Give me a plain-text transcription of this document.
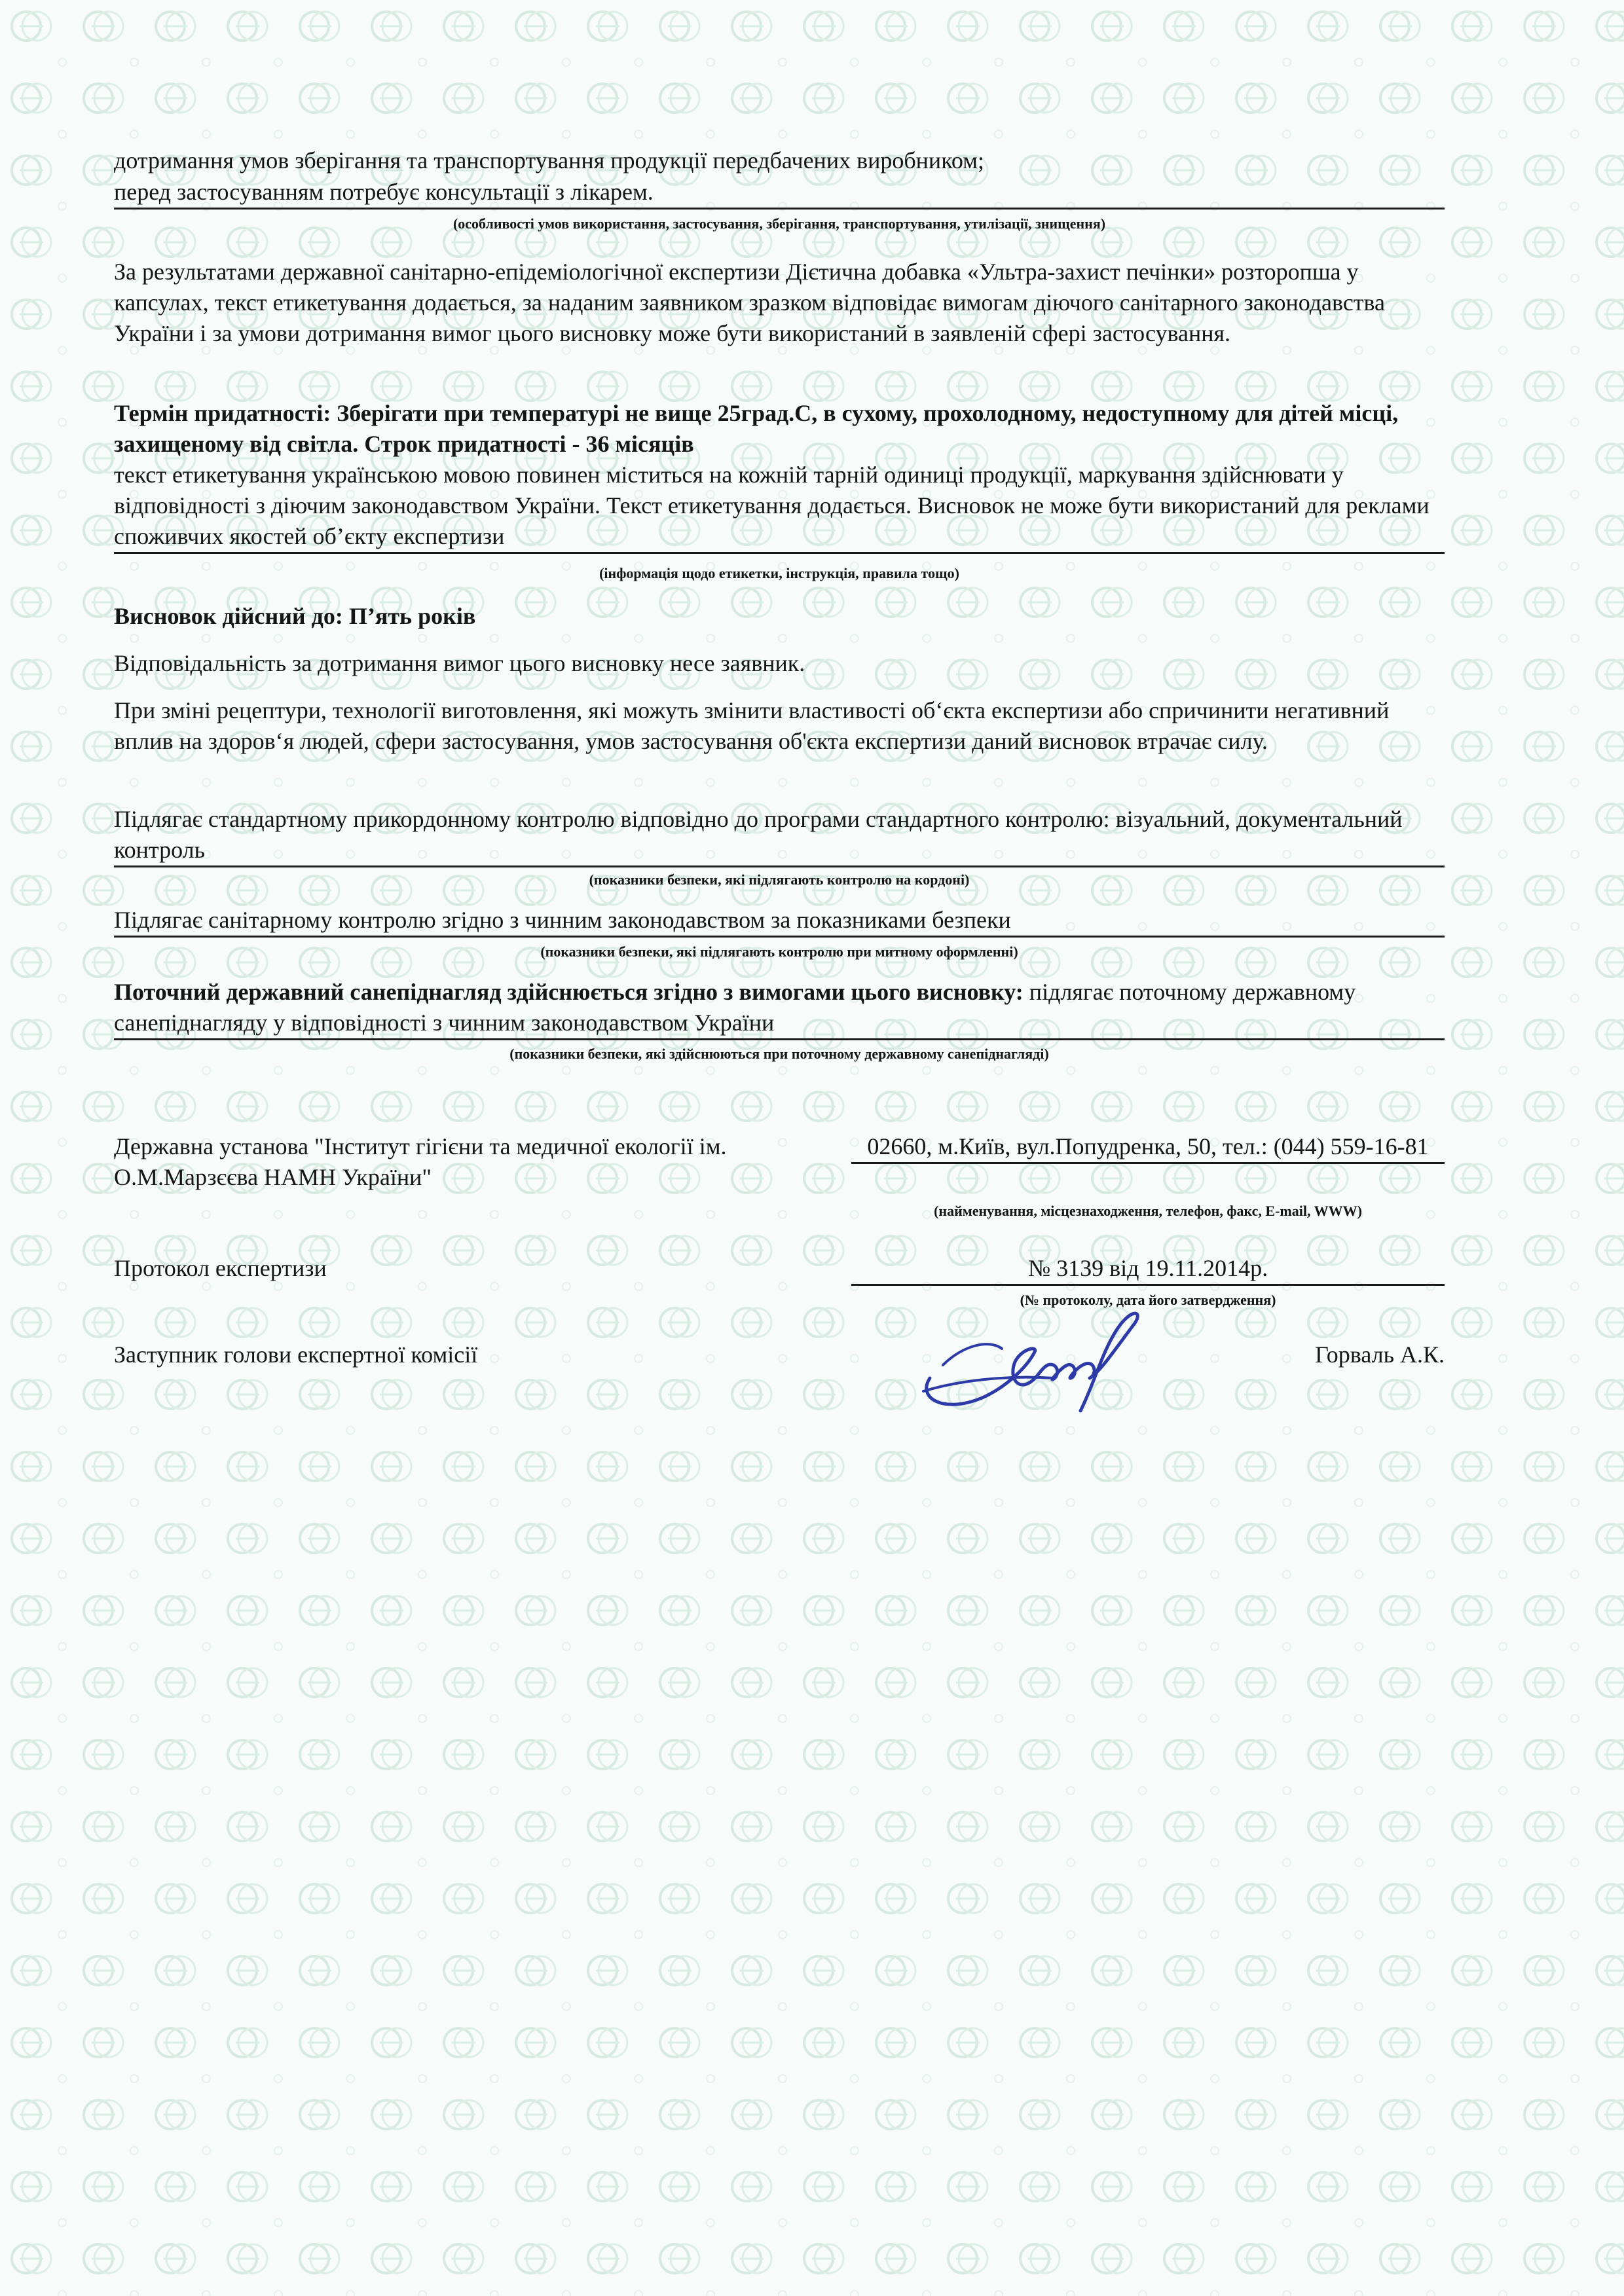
дотримання умов зберігання та транспортування продукції передбачених виробником;
перед застосуванням потребує консультації з лікарем.
(особливості умов використання, застосування, зберігання, транспортування, утилізації, знищення)
За результатами державної санітарно-епідеміологічної експертизи Дієтична добавка «Ультра-захист печінки» розторопша у капсулах, текст етикетування додається, за наданим заявником зразком відповідає вимогам діючого санітарного законодавства України і за умови дотримання вимог цього висновку може бути використаний в заявленій сфері застосування.
Термін придатності: Зберігати при температурі не вище 25град.С, в сухому, прохолодному, недоступному для дітей місці, захищеному від світла. Строк придатності - 36 місяців
текст етикетування українською мовою повинен міститься на кожній тарній одиниці продукції, маркування здійснювати у відповідності з діючим законодавством України. Текст етикетування додається. Висновок не може бути використаний для реклами споживчих якостей об’єкту експертизи
(інформація щодо етикетки, інструкція, правила тощо)
Висновок дійсний до: П’ять років
Відповідальність за дотримання вимог цього висновку несе заявник.
При зміні рецептури, технології виготовлення, які можуть змінити властивості об‘єкта експертизи або спричинити негативний вплив на здоров‘я людей, сфери застосування, умов застосування об'єкта експертизи даний висновок втрачає силу.
Підлягає стандартному прикордонному контролю відповідно до програми стандартного контролю: візуальний, документальний контроль
(показники безпеки, які підлягають контролю на кордоні)
Підлягає санітарному контролю згідно з чинним законодавством за показниками безпеки
(показники безпеки, які підлягають контролю при митному оформленні)
Поточний державний санепіднагляд здійснюється згідно з вимогами цього висновку: підлягає поточному державному санепіднагляду у відповідності з чинним законодавством України
(показники безпеки, які здійснюються при поточному державному санепіднагляді)
Державна установа "Інститут гігієни та медичної екології ім. О.М.Марзєєва НАМН України"
02660, м.Київ, вул.Попудренка, 50, тел.: (044) 559-16-81
(найменування, місцезнаходження, телефон, факс, E-mail, WWW)
Протокол експертизи	№ 3139 від 19.11.2014р.
(№ протоколу, дата його затвердження)
Заступник голови експертної комісії	Горваль А.К.
